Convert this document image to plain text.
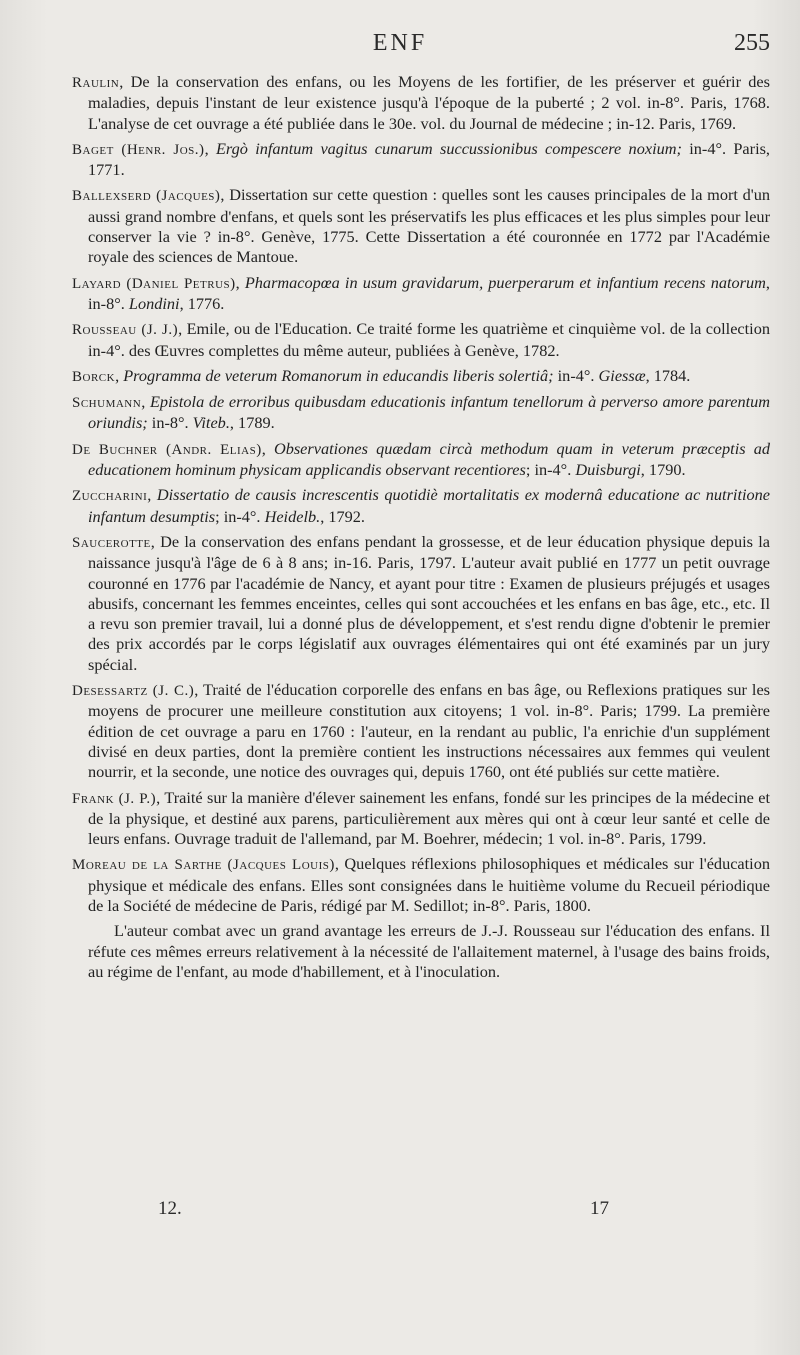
ENF	255

Raulin, De la conservation des enfans, ou les Moyens de les fortifier, de les préserver et guérir des maladies, depuis l'instant de leur existence jusqu'à l'époque de la puberté ; 2 vol. in-8°. Paris, 1768. L'analyse de cet ouvrage a été publiée dans le 30e. vol. du Journal de médecine ; in-12. Paris, 1769.

Baget (Henr. Jos.), Ergò infantum vagitus cunarum succussionibus compescere noxium; in-4°. Paris, 1771.

Ballexserd (Jacques), Dissertation sur cette question : quelles sont les causes principales de la mort d'un aussi grand nombre d'enfans, et quels sont les préservatifs les plus efficaces et les plus simples pour leur conserver la vie ? in-8°. Genève, 1775. Cette Dissertation a été couronnée en 1772 par l'Académie royale des sciences de Mantoue.

Layard (Daniel Petrus), Pharmacopœa in usum gravidarum, puerperarum et infantium recens natorum, in-8°. Londini, 1776.

Rousseau (J. J.), Emile, ou de l'Education. Ce traité forme les quatrième et cinquième vol. de la collection in-4°. des Œuvres complettes du même auteur, publiées à Genève, 1782.

Borck, Programma de veterum Romanorum in educandis liberis solertiâ; in-4°. Giessæ, 1784.

Schumann, Epistola de erroribus quibusdam educationis infantum tenellorum à perverso amore parentum oriundis; in-8°. Viteb., 1789.

De Buchner (Andr. Elias), Observationes quædam circà methodum quam in veterum præceptis ad educationem hominum physicam applicandis observant recentiores; in-4°. Duisburgi, 1790.

Zuccharini, Dissertatio de causis increscentis quotidiè mortalitatis ex modernâ educatione ac nutritione infantum desumptis; in-4°. Heidelb., 1792.

Saucerotte, De la conservation des enfans pendant la grossesse, et de leur éducation physique depuis la naissance jusqu'à l'âge de 6 à 8 ans; in-16. Paris, 1797. L'auteur avait publié en 1777 un petit ouvrage couronné en 1776 par l'académie de Nancy, et ayant pour titre : Examen de plusieurs préjugés et usages abusifs, concernant les femmes enceintes, celles qui sont accouchées et les enfans en bas âge, etc., etc. Il a revu son premier travail, lui a donné plus de développement, et s'est rendu digne d'obtenir le premier des prix accordés par le corps législatif aux ouvrages élémentaires qui ont été examinés par un jury spécial.

Desessartz (J. C.), Traité de l'éducation corporelle des enfans en bas âge, ou Reflexions pratiques sur les moyens de procurer une meilleure constitution aux citoyens; 1 vol. in-8°. Paris; 1799. La première édition de cet ouvrage a paru en 1760 : l'auteur, en la rendant au public, l'a enrichie d'un supplément divisé en deux parties, dont la première contient les instructions nécessaires aux femmes qui veulent nourrir, et la seconde, une notice des ouvrages qui, depuis 1760, ont été publiés sur cette matière.

Frank (J. P.), Traité sur la manière d'élever sainement les enfans, fondé sur les principes de la médecine et de la physique, et destiné aux parens, particulièrement aux mères qui ont à cœur leur santé et celle de leurs enfans. Ouvrage traduit de l'allemand, par M. Boehrer, médecin; 1 vol. in-8°. Paris, 1799.

Moreau de la Sarthe (Jacques Louis), Quelques réflexions philosophiques et médicales sur l'éducation physique et médicale des enfans. Elles sont consignées dans le huitième volume du Recueil périodique de la Société de médecine de Paris, rédigé par M. Sedillot; in-8°. Paris, 1800.

L'auteur combat avec un grand avantage les erreurs de J.-J. Rousseau sur l'éducation des enfans. Il réfute ces mêmes erreurs relativement à la nécessité de l'allaitement maternel, à l'usage des bains froids, au régime de l'enfant, au mode d'habillement, et à l'inoculation.

12.	17
